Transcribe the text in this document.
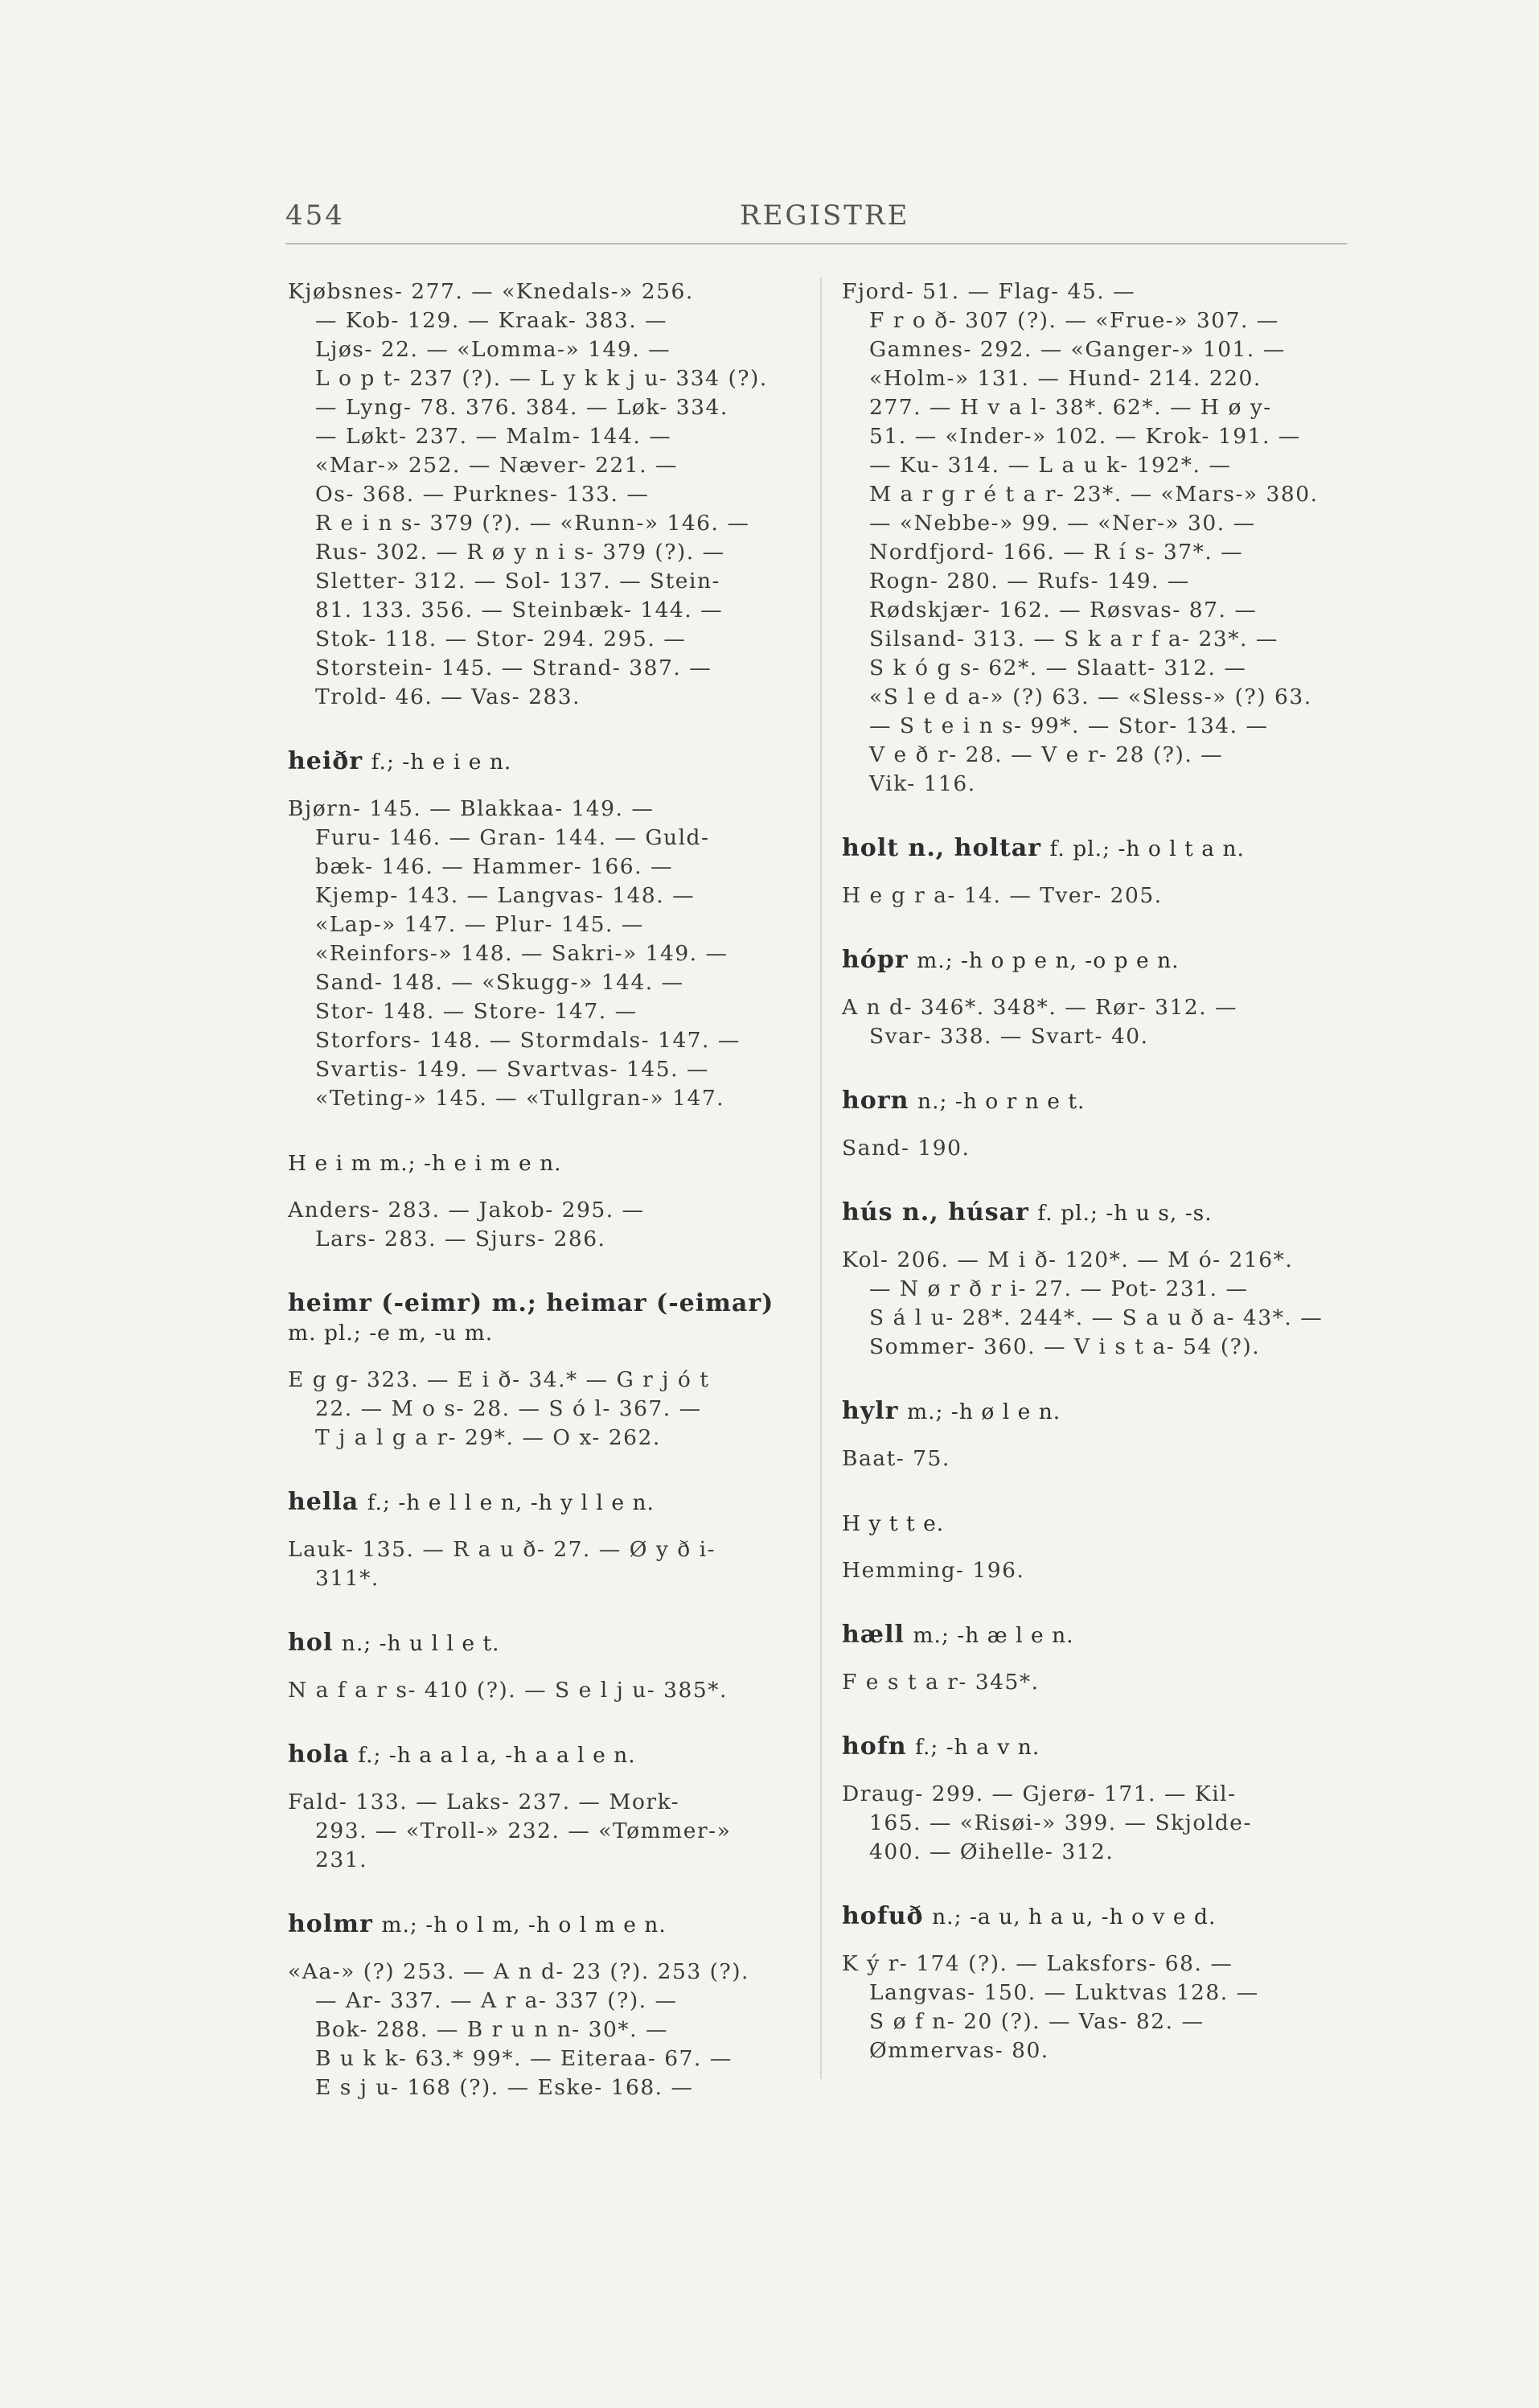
454	REGISTRE

Kjøbsnes- 277. — «Knedals-» 256.

— Kob- 129. — Kraak- 383. —

Ljøs- 22. — «Lomma-» 149. —

L o p t- 237 (?). — L y k k j u- 334 (?).

— Lyng- 78. 376. 384. — Løk- 334.

— Løkt- 237. — Malm- 144. —

«Mar-» 252. — Næver- 221. —

Os- 368. — Purknes- 133. —

R e i n s- 379 (?). — «Runn-» 146. —

Rus- 302. — R ø y n i s- 379 (?). —

Sletter- 312. — Sol- 137. — Stein-

81. 133. 356. — Steinbæk- 144. —

Stok- 118. — Stor- 294. 295. —

Storstein- 145. — Strand- 387. —

Trold- 46. — Vas- 283.

heiðr f.; -h e i e n.

Bjørn- 145. — Blakkaa- 149. —

Furu- 146. — Gran- 144. — Guld-

bæk- 146. — Hammer- 166. —

Kjemp- 143. — Langvas- 148. —

«Lap-» 147. — Plur- 145. —

«Reinfors-» 148. — Sakri-» 149. —

Sand- 148. — «Skugg-» 144. —

Stor- 148. — Store- 147. —

Storfors- 148. — Stormdals- 147. —

Svartis- 149. — Svartvas- 145. —

«Teting-» 145. — «Tullgran-» 147.

H e i m m.; -h e i m e n.

Anders- 283. — Jakob- 295. —

Lars- 283. — Sjurs- 286.

heimr (-eimr) m.; heimar (-eimar) m. pl.; -e m, -u m.

E g g- 323. — E i ð- 34.* — G r j ó t

22. — M o s- 28. — S ó l- 367. —

T j a l g a r- 29*. — O x- 262.

hella f.; -h e l l e n, -h y l l e n.

Lauk- 135. — R a u ð- 27. — Ø y ð i-

311*.

hol n.; -h u l l e t.

N a f a r s- 410 (?). — S e l j u- 385*.

hola f.; -h a a l a, -h a a l e n.

Fald- 133. — Laks- 237. — Mork-

293. — «Troll-» 232. — «Tømmer-»

231.

holmr m.; -h o l m, -h o l m e n.

«Aa-» (?) 253. — A n d- 23 (?). 253 (?).

— Ar- 337. — A r a- 337 (?). —

Bok- 288. — B r u n n- 30*. —

B u k k- 63.* 99*. — Eiteraa- 67. —

E s j u- 168 (?). — Eske- 168. —

Fjord- 51. — Flag- 45. —

F r o ð- 307 (?). — «Frue-» 307. —

Gamnes- 292. — «Ganger-» 101. —

«Holm-» 131. — Hund- 214. 220.

277. — H v a l- 38*. 62*. — H ø y-

51. — «Inder-» 102. — Krok- 191. —

— Ku- 314. — L a u k- 192*. —

M a r g r é t a r- 23*. — «Mars-» 380.

— «Nebbe-» 99. — «Ner-» 30. —

Nordfjord- 166. — R í s- 37*. —

Rogn- 280. — Rufs- 149. —

Rødskjær- 162. — Røsvas- 87. —

Silsand- 313. — S k a r f a- 23*. —

S k ó g s- 62*. — Slaatt- 312. —

«S l e d a-» (?) 63. — «Sless-» (?) 63.

— S t e i n s- 99*. — Stor- 134. —

V e ð r- 28. — V e r- 28 (?). —

Vik- 116.

holt n., holtar f. pl.; -h o l t a n.

H e g r a- 14. — Tver- 205.

hópr m.; -h o p e n, -o p e n.

A n d- 346*. 348*. — Rør- 312. —

Svar- 338. — Svart- 40.

horn n.; -h o r n e t.

Sand- 190.

hús n., húsar f. pl.; -h u s, -s.

Kol- 206. — M i ð- 120*. — M ó- 216*.

— N ø r ð r i- 27. — Pot- 231. —

S á l u- 28*. 244*. — S a u ð a- 43*. —

Sommer- 360. — V i s t a- 54 (?).

hylr m.; -h ø l e n.

Baat- 75.

H y t t e.

Hemming- 196.

hæll m.; -h æ l e n.

F e s t a r- 345*.

hofn f.; -h a v n.

Draug- 299. — Gjerø- 171. — Kil-

165. — «Risøi-» 399. — Skjolde-

400. — Øihelle- 312.

hofuð n.; -a u, h a u, -h o v e d.

K ý r- 174 (?). — Laksfors- 68. —

Langvas- 150. — Luktvas 128. —

S ø f n- 20 (?). — Vas- 82. —

Ømmervas- 80.
